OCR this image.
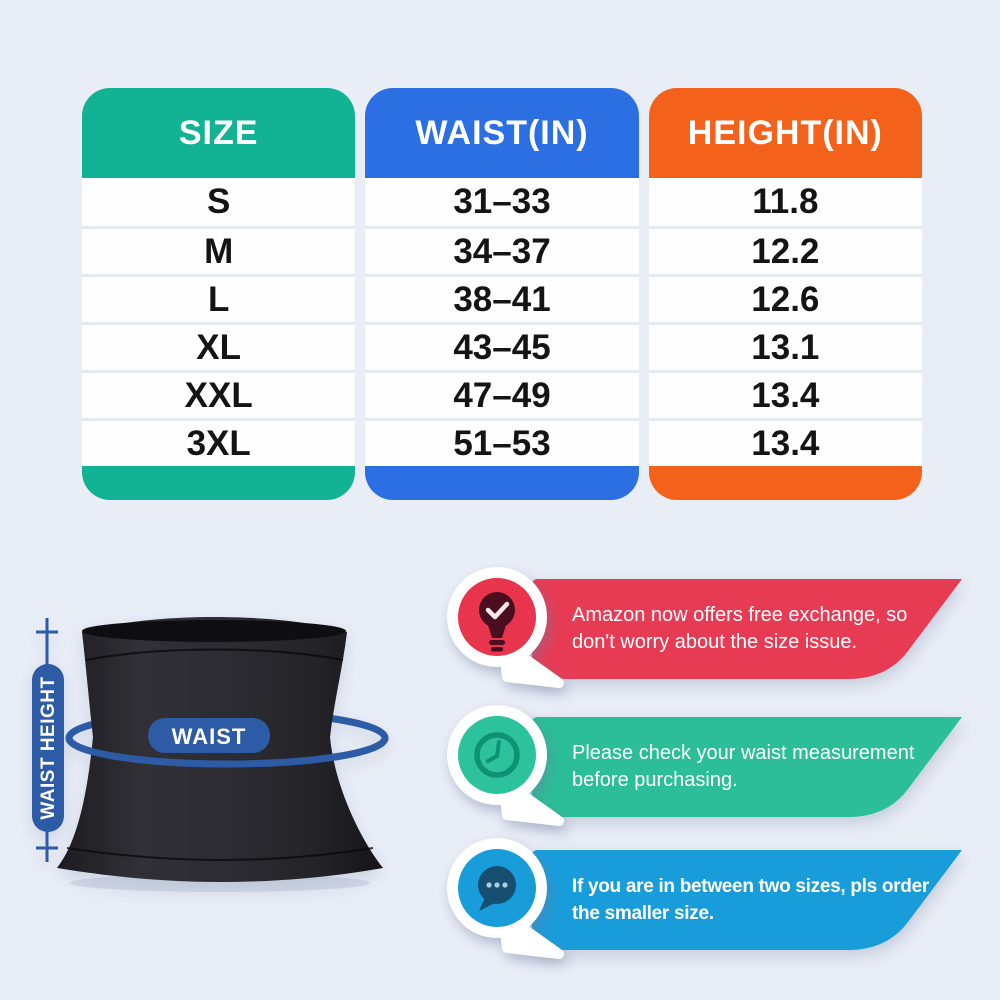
SIZE
S
M
L
XL
XXL
3XL
WAIST(IN)
31–33
34–37
38–41
43–45
47–49
51–53
HEIGHT(IN)
11.8
12.2
12.6
13.1
13.4
13.4
WAIST
WAIST HEIGHT
Amazon now offers free exchange, so
don't worry about the size issue.
Please check your waist measurement
before purchasing.
If you are in between two sizes, pls order
the smaller size.
